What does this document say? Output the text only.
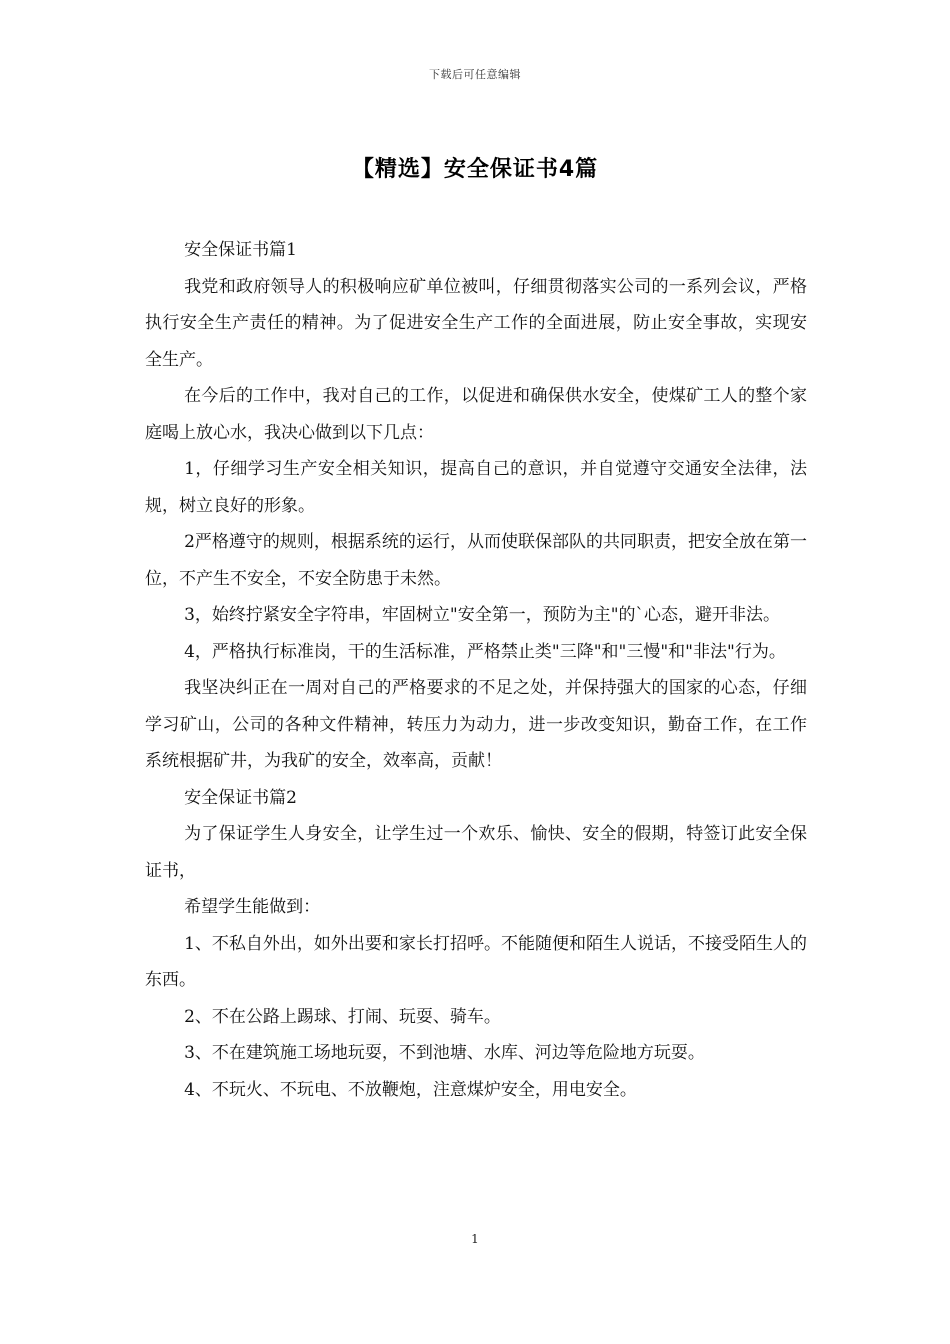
下载后可任意编辑
【精选】安全保证书4篇

安全保证书篇1

我党和政府领导人的积极响应矿单位被叫，仔细贯彻落实公司的一系列会议，严格执行安全生产责任的精神。为了促进安全生产工作的全面进展，防止安全事故，实现安全生产。

在今后的工作中，我对自己的工作，以促进和确保供水安全，使煤矿工人的整个家庭喝上放心水，我决心做到以下几点：

1，仔细学习生产安全相关知识，提高自己的意识，并自觉遵守交通安全法律，法规，树立良好的形象。

2严格遵守的规则，根据系统的运行，从而使联保部队的共同职责，把安全放在第一位，不产生不安全，不安全防患于未然。

3，始终拧紧安全字符串，牢固树立"安全第一，预防为主"的`心态，避开非法。

4，严格执行标准岗，干的生活标准，严格禁止类"三降"和"三慢"和"非法"行为。

我坚决纠正在一周对自己的严格要求的不足之处，并保持强大的国家的心态，仔细学习矿山，公司的各种文件精神，转压力为动力，进一步改变知识，勤奋工作，在工作系统根据矿井，为我矿的安全，效率高，贡献！

安全保证书篇2

为了保证学生人身安全，让学生过一个欢乐、愉快、安全的假期，特签订此安全保证书，

希望学生能做到：

1、不私自外出，如外出要和家长打招呼。不能随便和陌生人说话，不接受陌生人的东西。

2、不在公路上踢球、打闹、玩耍、骑车。

3、不在建筑施工场地玩耍，不到池塘、水库、河边等危险地方玩耍。

4、不玩火、不玩电、不放鞭炮，注意煤炉安全，用电安全。

1
